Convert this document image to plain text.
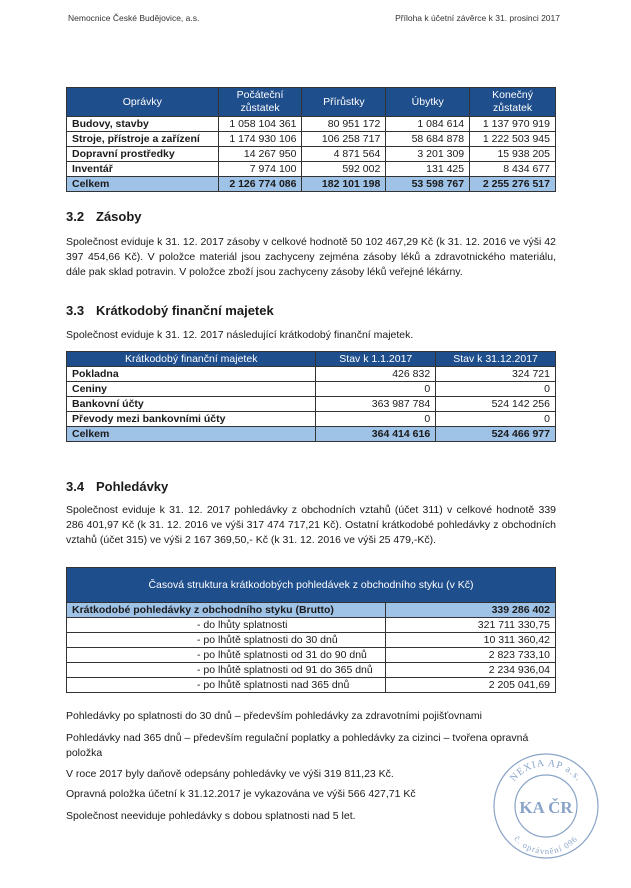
Nemocnice České Budějovice, a.s.	Příloha k účetní závěrce k 31. prosinci 2017
Oprávky	Počáteční zůstatek	Přírůstky	Úbytky	Konečný zůstatek
Budovy, stavby	1 058 104 361	80 951 172	1 084 614	1 137 970 919
Stroje, přístroje a zařízení	1 174 930 106	106 258 717	58 684 878	1 222 503 945
Dopravní prostředky	14 267 950	4 871 564	3 201 309	15 938 205
Inventář	7 974 100	592 002	131 425	8 434 677
Celkem	2 126 774 086	182 101 198	53 598 767	2 255 276 517
3.2 Zásoby

Společnost eviduje k 31. 12. 2017 zásoby v celkové hodnotě 50 102 467,29 Kč (k 31. 12. 2016 ve výši 42 397 454,66 Kč). V položce materiál jsou zachyceny zejména zásoby léků a zdravotnického materiálu, dále pak sklad potravin. V položce zboží jsou zachyceny zásoby léků veřejné lékárny.

3.3 Krátkodobý finanční majetek

Společnost eviduje k 31. 12. 2017 následující krátkodobý finanční majetek.

Krátkodobý finanční majetek	Stav k 1.1.2017	Stav k 31.12.2017
Pokladna	426 832	324 721
Ceniny	0	0
Bankovní účty	363 987 784	524 142 256
Převody mezi bankovními účty	0	0
Celkem	364 414 616	524 466 977
3.4 Pohledávky

Společnost eviduje k 31. 12. 2017 pohledávky z obchodních vztahů (účet 311) v celkové hodnotě 339 286 401,97 Kč (k 31. 12. 2016 ve výši 317 474 717,21 Kč). Ostatní krátkodobé pohledávky z obchodních vztahů (účet 315) ve výši 2 167 369,50,- Kč (k 31. 12. 2016 ve výši 25 479,-Kč).

Časová struktura krátkodobých pohledávek z obchodního styku (v Kč)	
Krátkodobé pohledávky z obchodního styku (Brutto)	339 286 402
- do lhůty splatnosti	321 711 330,75
- po lhůtě splatnosti do 30 dnů	10 311 360,42
- po lhůtě splatnosti od 31 do 90 dnů	2 823 733,10
- po lhůtě splatnosti od 91 do 365 dnů	2 234 936,04
- po lhůtě splatnosti nad 365 dnů	2 205 041,69

Pohledávky po splatnosti do 30 dnů – především pohledávky za zdravotními pojišťovnami

Pohledávky nad 365 dnů – především regulační poplatky a pohledávky za cizinci – tvořena opravná položka

V roce 2017 byly daňově odepsány pohledávky ve výši 319 811,23 Kč.

Opravná položka účetní k 31.12.2017 je vykazována ve výši 566 427,71 Kč

Společnost neeviduje pohledávky s dobou splatnosti nad 5 let.

NEXIA AP a.s.
č. oprávnění 096
KA ČR
